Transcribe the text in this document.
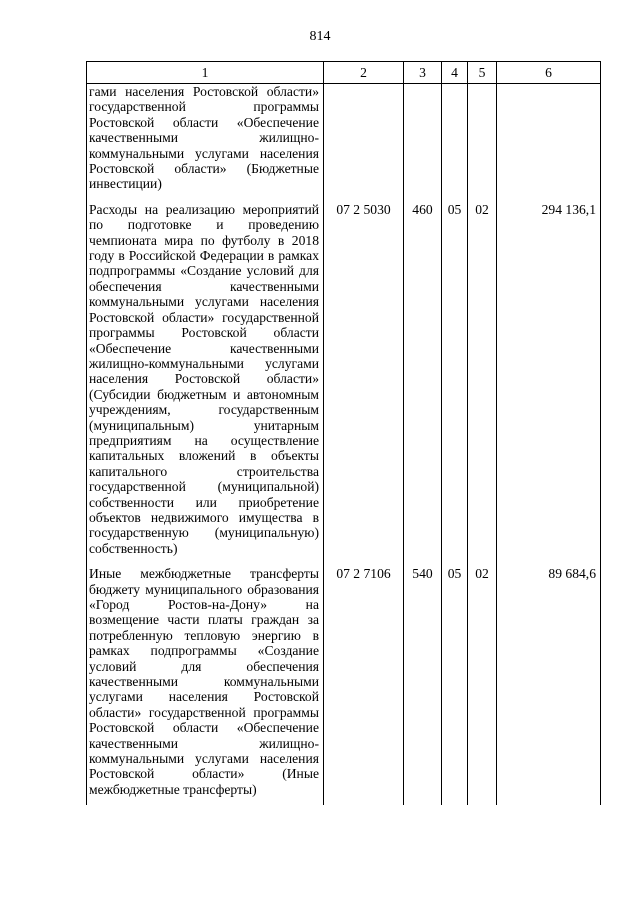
814
1	2	3	4	5	6
гами населения Ростовской области» государственной программы Ростовской области «Обеспечение качественными жилищно-коммунальными услугами населения Ростовской области» (Бюджетные инвестиции)					
Расходы на реализацию мероприятий по подготовке и проведению чемпионата мира по футболу в 2018 году в Российской Федерации в рамках подпрограммы «Создание условий для обеспечения качественными коммунальными услугами населения Ростовской области» государственной программы Ростовской области «Обеспечение качественными жилищно-коммунальными услугами населения Ростовской области» (Субсидии бюджетным и автономным учреждениям, государственным (муниципальным) унитарным предприятиям на осуществление капитальных вложений в объекты капитального строительства государственной (муниципальной) собственности или приобретение объектов недвижимого имущества в государственную (муниципальную) собственность)	07 2 5030	460	05	02	294 136,1
Иные межбюджетные трансферты бюджету муниципального образования «Город Ростов-на-Дону» на возмещение части платы граждан за потребленную тепловую энергию в рамках подпрограммы «Создание условий для обеспечения качественными коммунальными услугами населения Ростовской области» государственной программы Ростовской области «Обеспечение качественными жилищно-коммунальными услугами населения Ростовской области» (Иные межбюджетные трансферты)	07 2 7106	540	05	02	89 684,6
